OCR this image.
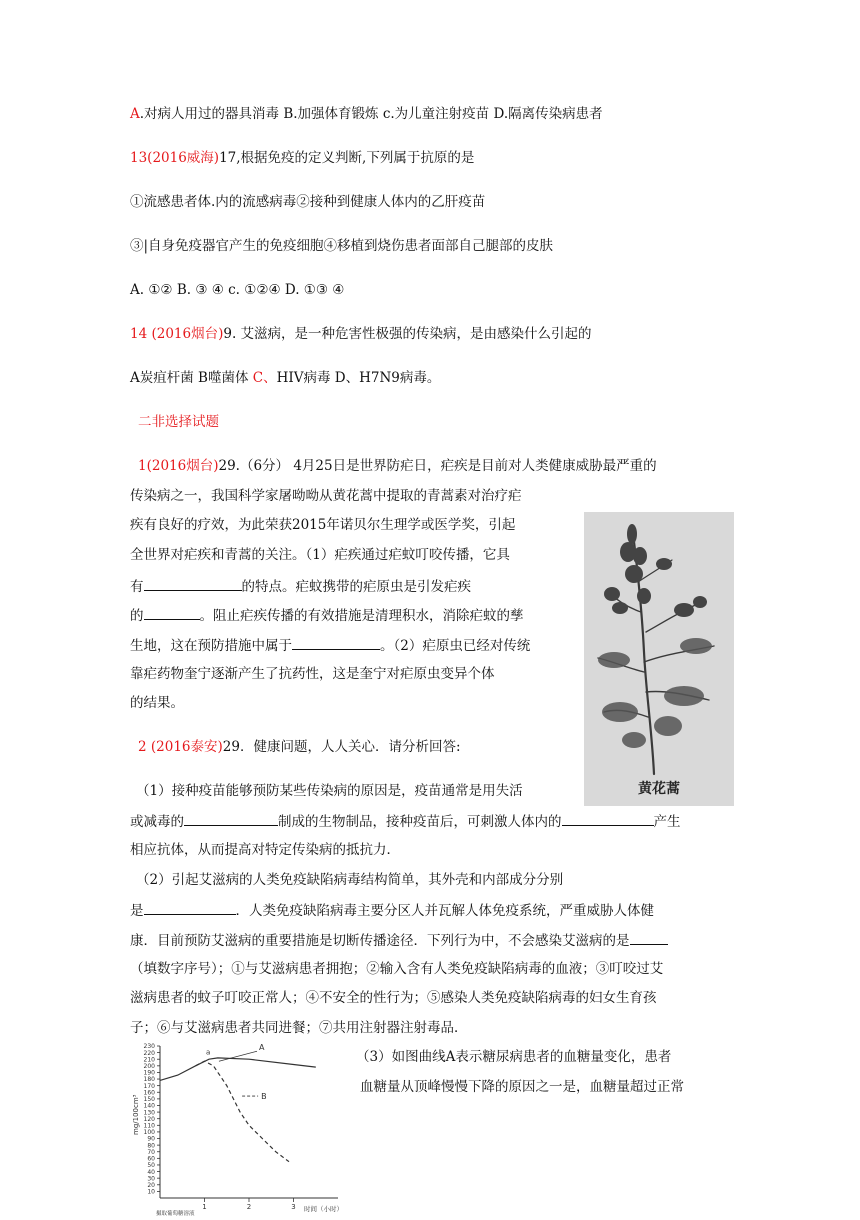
A.对病人用过的器具消毒 B.加强体育锻炼 c.为儿童注射疫苗 D.隔离传染病患者
13(2016威海)17,根据免疫的定义判断,下列属于抗原的是
①流感患者体.内的流感病毒②接种到健康人体内的乙肝疫苗
③|自身免疫器官产生的免疫细胞④移植到烧伤患者面部自己腿部的皮肤
A. ①② B. ③ ④ c. ①②④ D. ①③ ④
14 (2016烟台)9. 艾滋病，是一种危害性极强的传染病，是由感染什么引起的
A炭疽杆菌 B噬菌体 C、HIV病毒 D、H7N9病毒。
二非选择试题
1(2016烟台)29.（6分） 4月25日是世界防疟日，疟疾是目前对人类健康威胁最严重的
传染病之一，我国科学家屠呦呦从黄花蒿中提取的青蒿素对治疗疟
疾有良好的疗效，为此荣获2015年诺贝尔生理学或医学奖，引起
全世界对疟疾和青蒿的关注。（1）疟疾通过疟蚊叮咬传播，它具
有	的特点。疟蚊携带的疟原虫是引发疟疾
的	。阻止疟疾传播的有效措施是清理积水，消除疟蚊的孳
生地，这在预防措施中属于	。（2）疟原虫已经对传统
靠疟药物奎宁逐渐产生了抗药性，这是奎宁对疟原虫变异个体
的结果。
黄花蒿
2 (2016泰安)29．健康问题，人人关心．请分析回答:
（1）接种疫苗能够预防某些传染病的原因是，疫苗通常是用失活
或减毒的	制成的生物制品，接种疫苗后，可刺激人体内的	产生
相应抗体，从而提高对特定传染病的抵抗力．
（2）引起艾滋病的人类免疫缺陷病毒结构简单，其外壳和内部成分分别
是	．人类免疫缺陷病毒主要分区人并瓦解人体免疫系统，严重威胁人体健
康．目前预防艾滋病的重要措施是切断传播途径．下列行为中，不会感染艾滋病的是
（填数字序号）；①与艾滋病患者拥抱；②输入含有人类免疫缺陷病毒的血液；③叮咬过艾
滋病患者的蚊子叮咬正常人；④不安全的性行为；⑤感染人类免疫缺陷病毒的妇女生育孩
子；⑥与艾滋病患者共同进餐；⑦共用注射器注射毒品．
（3）如图曲线A表示糖尿病患者的血糖量变化，患者
血糖量从顶峰慢慢下降的原因之一是，血糖量超过正常
10
20
30
40
50
60
70
80
90
100
110
120
130
140
150
160
170
180
190
200
210
220
230
1	2	3
mg/100cm³
时间（小时）
摄取葡萄糖溶液
A
B
a
